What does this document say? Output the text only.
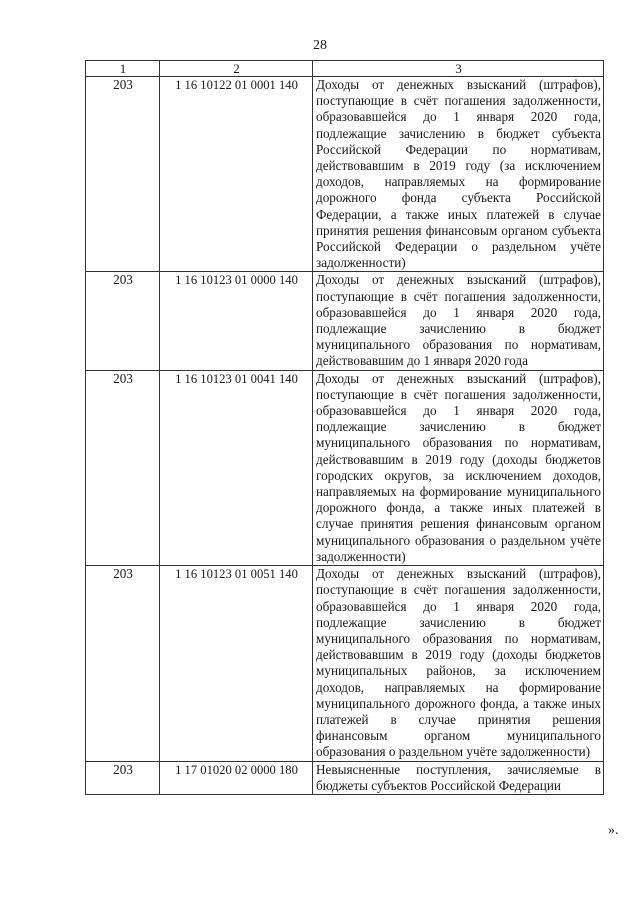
28
1	2	3
203	1 16 10122 01 0001 140	Доходы от денежных взысканий (штрафов), поступающие в счёт погашения задолженности, образовавшейся до 1 января 2020 года, подлежащие зачислению в бюджет субъекта Российской Федерации по нормативам, действовавшим в 2019 году (за исключением доходов, направляемых на формирование дорожного фонда субъекта Российской Федерации, а также иных платежей в случае принятия решения финансовым органом субъекта Российской Федерации о раздельном учёте задолженности)
203	1 16 10123 01 0000 140	Доходы от денежных взысканий (штрафов), поступающие в счёт погашения задолженности, образовавшейся до 1 января 2020 года, подлежащие зачислению в бюджет муниципального образования по нормативам, действовавшим до 1 января 2020 года
203	1 16 10123 01 0041 140	Доходы от денежных взысканий (штрафов), поступающие в счёт погашения задолженности, образовавшейся до 1 января 2020 года, подлежащие зачислению в бюджет муниципального образования по нормативам, действовавшим в 2019 году (доходы бюджетов городских округов, за исключением доходов, направляемых на формирование муниципального дорожного фонда, а также иных платежей в случае принятия решения финансовым органом муниципального образования о раздельном учёте задолженности)
203	1 16 10123 01 0051 140	Доходы от денежных взысканий (штрафов), поступающие в счёт погашения задолженности, образовавшейся до 1 января 2020 года, подлежащие зачислению в бюджет муниципального образования по нормативам, действовавшим в 2019 году (доходы бюджетов муниципальных районов, за исключением доходов, направляемых на формирование муниципального дорожного фонда, а также иных платежей в случае принятия решения финансовым органом муниципального образования о раздельном учёте задолженности)
203	1 17 01020 02 0000 180	Невыясненные поступления, зачисляемые в бюджеты субъектов Российской Федерации
».
